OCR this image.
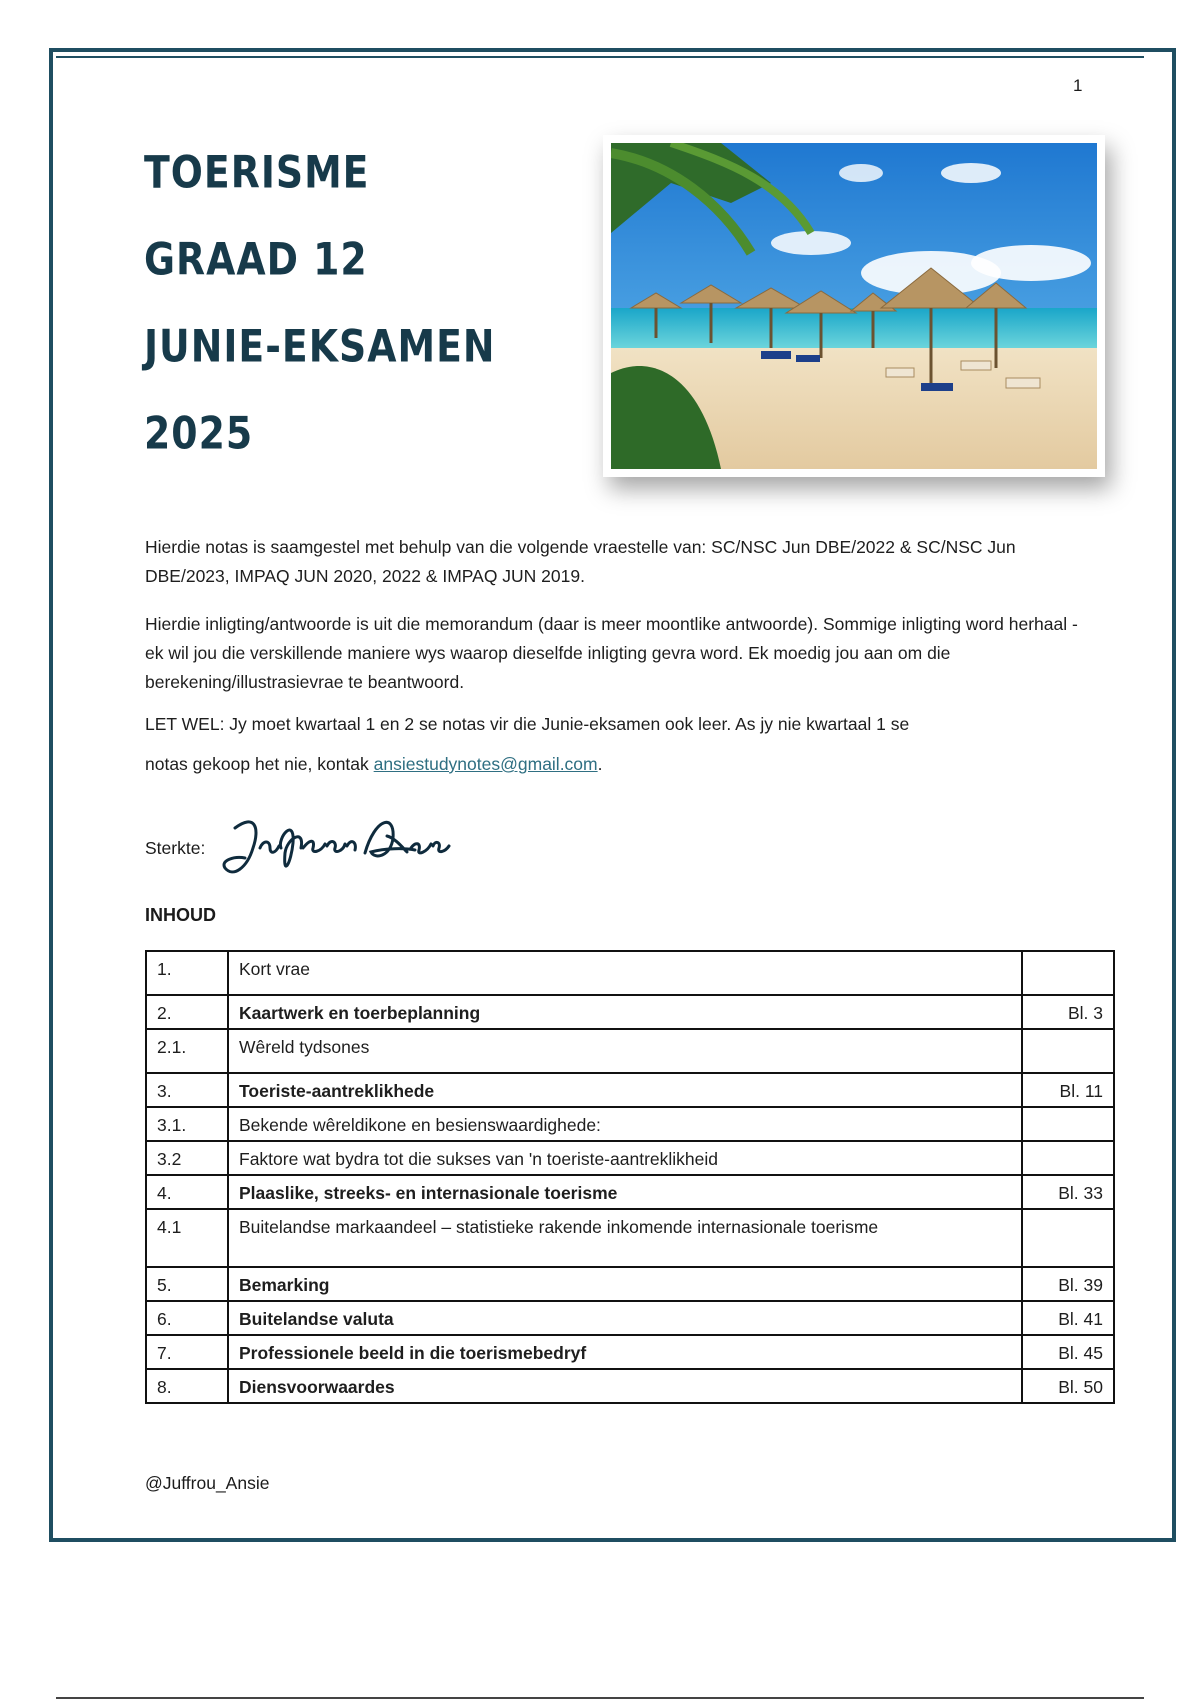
1
TOERISME
GRAAD 12
JUNIE-EKSAMEN
2025
Hierdie notas is saamgestel met behulp van die volgende vraestelle van: SC/NSC Jun DBE/2022 & SC/NSC Jun DBE/2023, IMPAQ JUN 2020, 2022 & IMPAQ JUN 2019.
Hierdie inligting/antwoorde is uit die memorandum (daar is meer moontlike antwoorde). Sommige inligting word herhaal - ek wil jou die verskillende maniere wys waarop dieselfde inligting gevra word. Ek moedig jou aan om die berekening/illustrasievrae te beantwoord.
LET WEL: Jy moet kwartaal 1 en 2 se notas vir die Junie-eksamen ook leer. As jy nie kwartaal 1 se
notas gekoop het nie, kontak ansiestudynotes@gmail.com.
Sterkte:
INHOUD
1.	Kort vrae	
2.	Kaartwerk en toerbeplanning	Bl. 3
2.1.	Wêreld tydsones	
3.	Toeriste-aantreklikhede	Bl. 11
3.1.	Bekende wêreldikone en besienswaardighede:	
3.2	Faktore wat bydra tot die sukses van 'n toeriste-aantreklikheid	
4.	Plaaslike, streeks- en internasionale toerisme	Bl. 33
4.1	Buitelandse markaandeel – statistieke rakende inkomende internasionale toerisme	
5.	Bemarking	Bl. 39
6.	Buitelandse valuta	Bl. 41
7.	Professionele beeld in die toerismebedryf	Bl. 45
8.	Diensvoorwaardes	Bl. 50
@Juffrou_Ansie
